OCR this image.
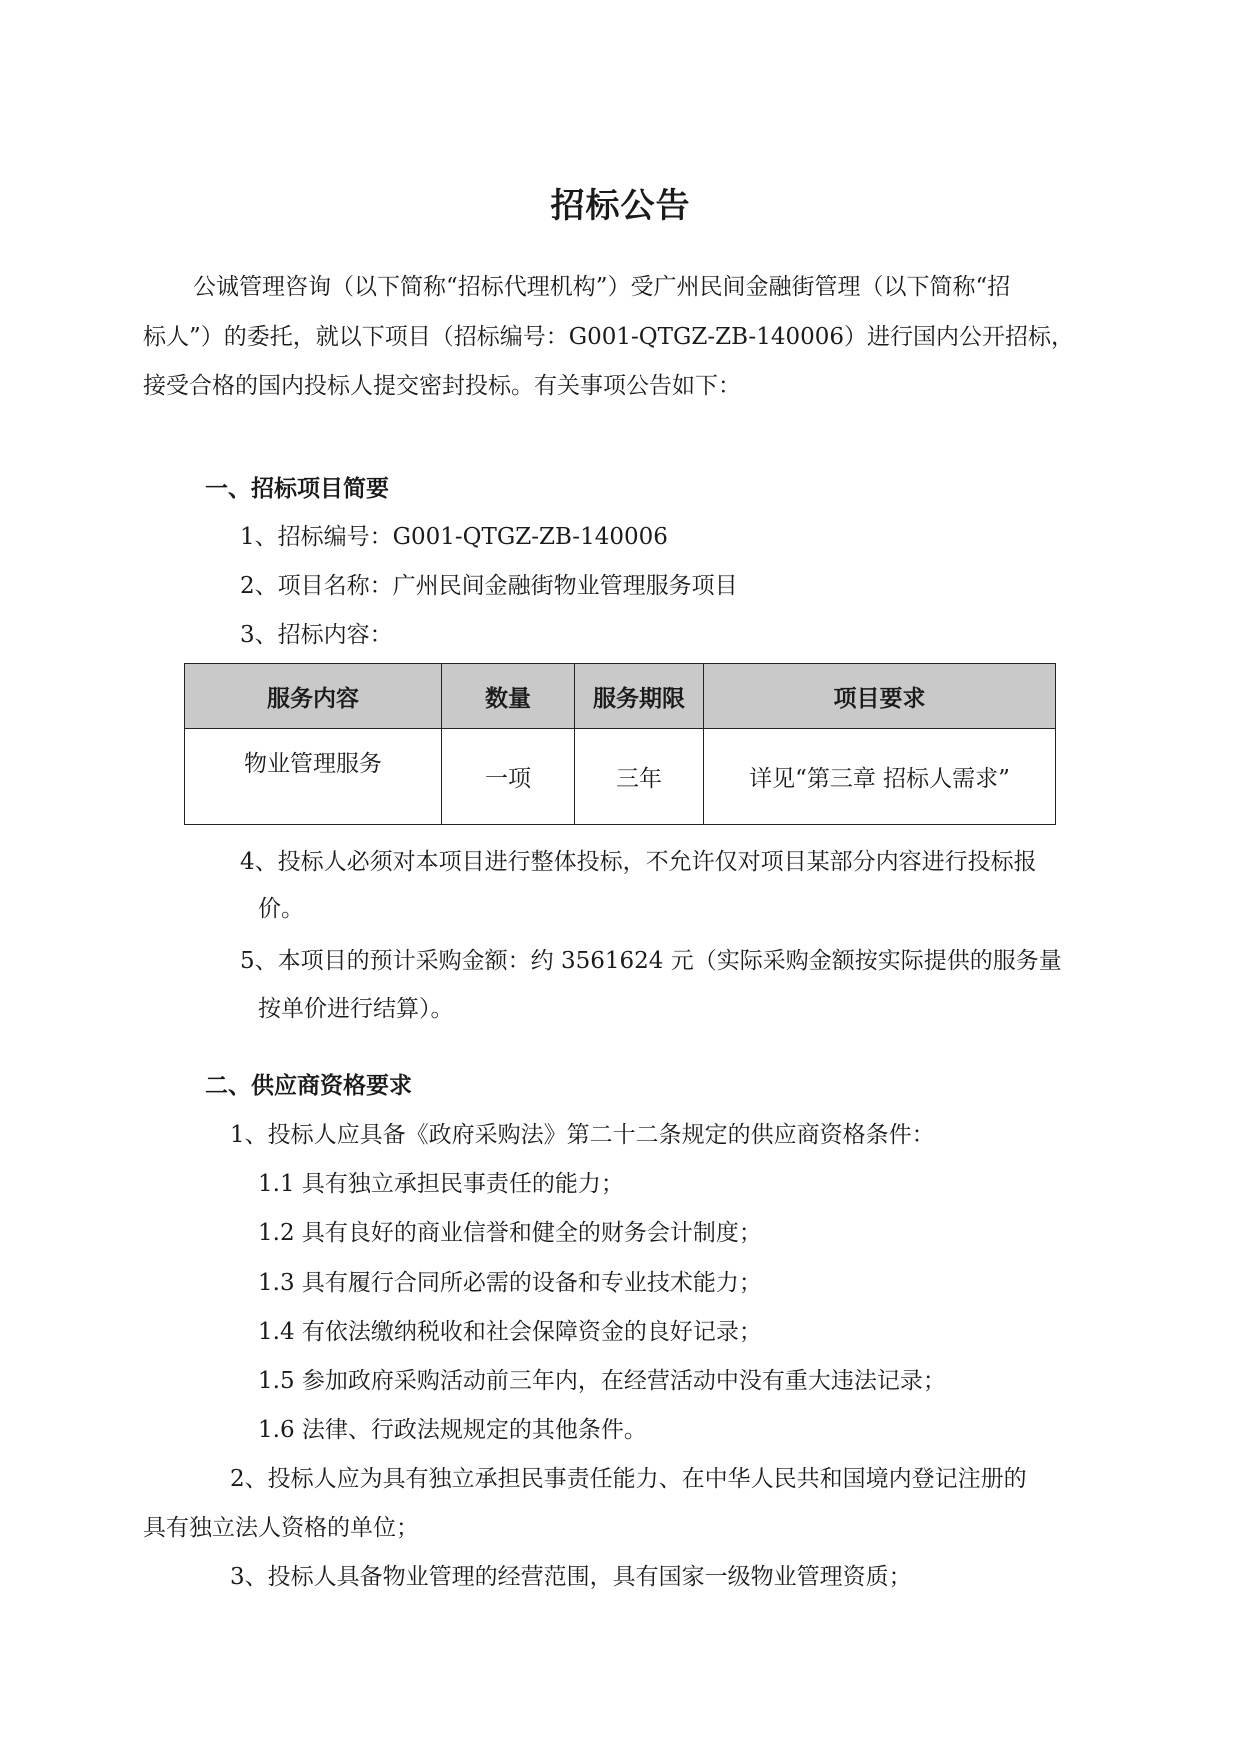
招标公告
公诚管理咨询（以下简称“招标代理机构”）受广州民间金融街管理（以下简称“招
标人”）的委托，就以下项目（招标编号：G001-QTGZ-ZB-140006）进行国内公开招标，
接受合格的国内投标人提交密封投标。有关事项公告如下：
一、招标项目简要
1、招标编号：G001-QTGZ-ZB-140006
2、项目名称：广州民间金融街物业管理服务项目
3、招标内容：
服务内容	数量	服务期限	项目要求
物业管理服务	一项	三年	详见“第三章 招标人需求”
4、投标人必须对本项目进行整体投标，不允许仅对项目某部分内容进行投标报
价。
5、本项目的预计采购金额：约 3561624 元（实际采购金额按实际提供的服务量
按单价进行结算）。
二、供应商资格要求
1、投标人应具备《政府采购法》第二十二条规定的供应商资格条件：
1.1 具有独立承担民事责任的能力；
1.2 具有良好的商业信誉和健全的财务会计制度；
1.3 具有履行合同所必需的设备和专业技术能力；
1.4 有依法缴纳税收和社会保障资金的良好记录；
1.5 参加政府采购活动前三年内，在经营活动中没有重大违法记录；
1.6 法律、行政法规规定的其他条件。
2、投标人应为具有独立承担民事责任能力、在中华人民共和国境内登记注册的
具有独立法人资格的单位；
3、投标人具备物业管理的经营范围，具有国家一级物业管理资质；
